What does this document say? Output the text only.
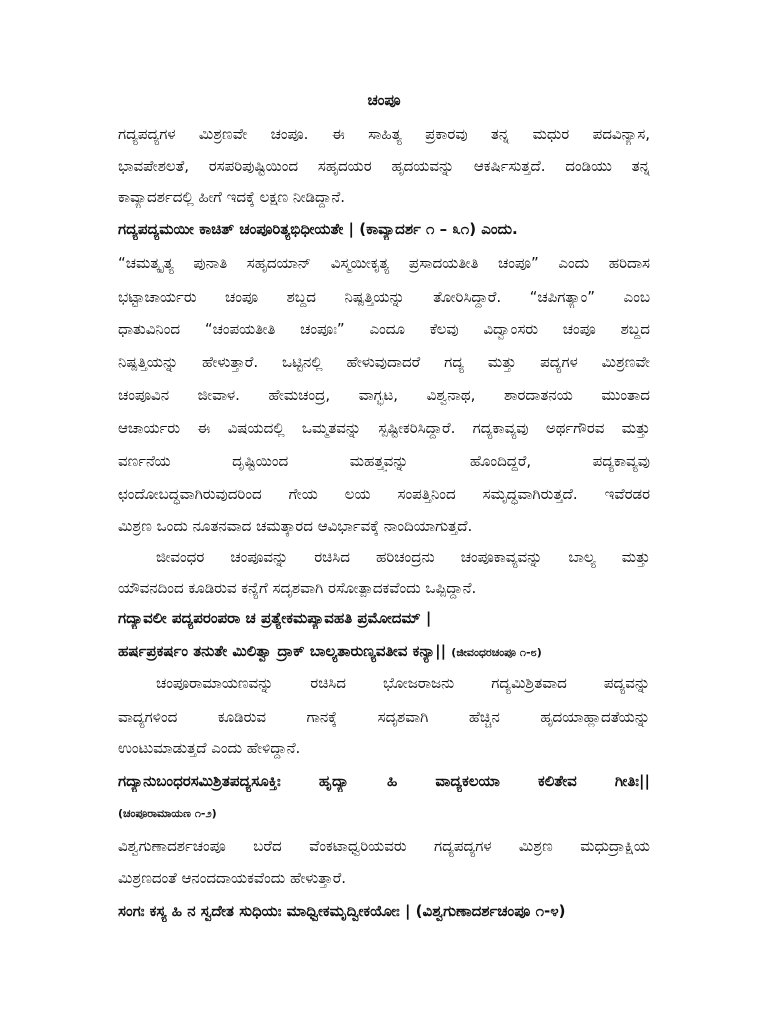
ಚಂಪೂ
ಗದ್ಯಪದ್ಯಗಳ ಮಿಶ್ರಣವೇ ಚಂಪೂ. ಈ ಸಾಹಿತ್ಯ ಪ್ರಕಾರವು ತನ್ನ ಮಧುರ ಪದವಿನ್ಯಾಸ,
ಭಾವಪೇಶಲತೆ, ರಸಪರಿಪುಷ್ಟಿಯಿಂದ ಸಹೃದಯರ ಹೃದಯವನ್ನು ಆಕರ್ಷಿಸುತ್ತದೆ. ದಂಡಿಯು ತನ್ನ
ಕಾವ್ಯಾದರ್ಶದಲ್ಲಿ ಹೀಗೆ ಇದಕ್ಕೆ ಲಕ್ಷಣ ನೀಡಿದ್ದಾನೆ.
ಗದ್ಯಪದ್ಯಮಯೀ ಕಾಚಿತ್ ಚಂಪೂರಿತ್ಯಭಿಧೀಯತೇ | (ಕಾವ್ಯಾದರ್ಶ ೧ – ೩೧) ಎಂದು.
“ಚಮತ್ಕೃತ್ಯ ಪುನಾತಿ ಸಹೃದಯಾನ್ ವಿಸ್ಮಯೀಕೃತ್ಯ ಪ್ರಸಾದಯತೀತಿ ಚಂಪೂ” ಎಂದು ಹರಿದಾಸ
ಭಟ್ಟಾಚಾರ್ಯರು ಚಂಪೂ ಶಬ್ದದ ನಿಷ್ಪತ್ತಿಯನ್ನು ತೋರಿಸಿದ್ದಾರೆ. “ಚಪಿಗತ್ಯಾಂ” ಎಂಬ
ಧಾತುವಿನಿಂದ “ಚಂಪಯತೀತಿ ಚಂಪೂಃ” ಎಂದೂ ಕೆಲವು ವಿದ್ವಾಂಸರು ಚಂಪೂ ಶಬ್ದದ
ನಿಷ್ಪತ್ತಿಯನ್ನು ಹೇಳುತ್ತಾರೆ. ಒಟ್ಟಿನಲ್ಲಿ ಹೇಳುವುದಾದರೆ ಗದ್ಯ ಮತ್ತು ಪದ್ಯಗಳ ಮಿಶ್ರಣವೇ
ಚಂಪೂವಿನ ಜೀವಾಳ. ಹೇಮಚಂದ್ರ, ವಾಗ್ಭಟ, ವಿಶ್ವನಾಥ, ಶಾರದಾತನಯ ಮುಂತಾದ
ಆಚಾರ್ಯರು ಈ ವಿಷಯದಲ್ಲಿ ಒಮ್ಮತವನ್ನು ಸ್ಪಷ್ಟೀಕರಿಸಿದ್ದಾರೆ. ಗದ್ಯಕಾವ್ಯವು ಅರ್ಥಗೌರವ ಮತ್ತು
ವರ್ಣನೆಯ ದೃಷ್ಟಿಯಿಂದ ಮಹತ್ತ್ವವನ್ನು ಹೊಂದಿದ್ದರೆ, ಪದ್ಯಕಾವ್ಯವು
ಛಂದೋಬದ್ಧವಾಗಿರುವುದರಿಂದ ಗೇಯ ಲಯ ಸಂಪತ್ತಿನಿಂದ ಸಮೃದ್ಧವಾಗಿರುತ್ತದೆ. ಇವೆರಡರ
ಮಿಶ್ರಣ ಒಂದು ನೂತನವಾದ ಚಮತ್ಕಾರದ ಆವಿರ್ಭಾವಕ್ಕೆ ನಾಂದಿಯಾಗುತ್ತದೆ.
ಜೀವಂಧರ ಚಂಪೂವನ್ನು ರಚಿಸಿದ ಹರಿಚಂದ್ರನು ಚಂಪೂಕಾವ್ಯವನ್ನು ಬಾಲ್ಯ ಮತ್ತು
ಯೌವನದಿಂದ ಕೂಡಿರುವ ಕನ್ಯೆಗೆ ಸದೃಶವಾಗಿ ರಸೋತ್ಪಾದಕವೆಂದು ಒಪ್ಪಿದ್ದಾನೆ.
ಗದ್ಯಾವಲೀ ಪದ್ಯಪರಂಪರಾ ಚ ಪ್ರತ್ಯೇಕಮಪ್ಯಾವಹತಿ ಪ್ರಮೋದಮ್ |
ಹರ್ಷಪ್ರಕರ್ಷಂ ತನುತೇ ಮಿಲಿತ್ವಾ ದ್ರಾಕ್ ಬಾಲ್ಯತಾರುಣ್ಯವತೀವ ಕನ್ಯಾ|| (ಜೀವಂಧರಚಂಪೂ ೧-೮)
ಚಂಪೂರಾಮಾಯಣವನ್ನು ರಚಿಸಿದ ಭೋಜರಾಜನು ಗದ್ಯಮಿಶ್ರಿತವಾದ ಪದ್ಯವನ್ನು
ವಾದ್ಯಗಳಿಂದ ಕೂಡಿರುವ ಗಾನಕ್ಕೆ ಸದೃಶವಾಗಿ ಹೆಚ್ಚಿನ ಹೃದಯಾಹ್ಲಾದತೆಯನ್ನು
ಉಂಟುಮಾಡುತ್ತದೆ ಎಂದು ಹೇಳಿದ್ದಾನೆ.
ಗದ್ಯಾನುಬಂಧರಸಮಿಶ್ರಿತಪದ್ಯಸೂಕ್ತಿಃ ಹೃದ್ಯಾ ಹಿ ವಾದ್ಯಕಲಯಾ ಕಲಿತೇವ ಗೀತಿಃ||
(ಚಂಪೂರಾಮಾಯಣ ೧-೨)
ವಿಶ್ವಗುಣಾದರ್ಶಚಂಪೂ ಬರೆದ ವೆಂಕಟಾಧ್ವರಿಯವರು ಗದ್ಯಪದ್ಯಗಳ ಮಿಶ್ರಣ ಮಧುದ್ರಾಕ್ಷಿಯ
ಮಿಶ್ರಣದಂತೆ ಆನಂದದಾಯಕವೆಂದು ಹೇಳುತ್ತಾರೆ.
ಸಂಗಃ ಕಸ್ಯ ಹಿ ನ ಸ್ವದೇತ ಸುಧಿಯಃ ಮಾಧ್ವೀಕಮೃದ್ವೀಕಯೋಃ | (ವಿಶ್ವಗುಣಾದರ್ಶಚಂಪೂ ೧-೪)
